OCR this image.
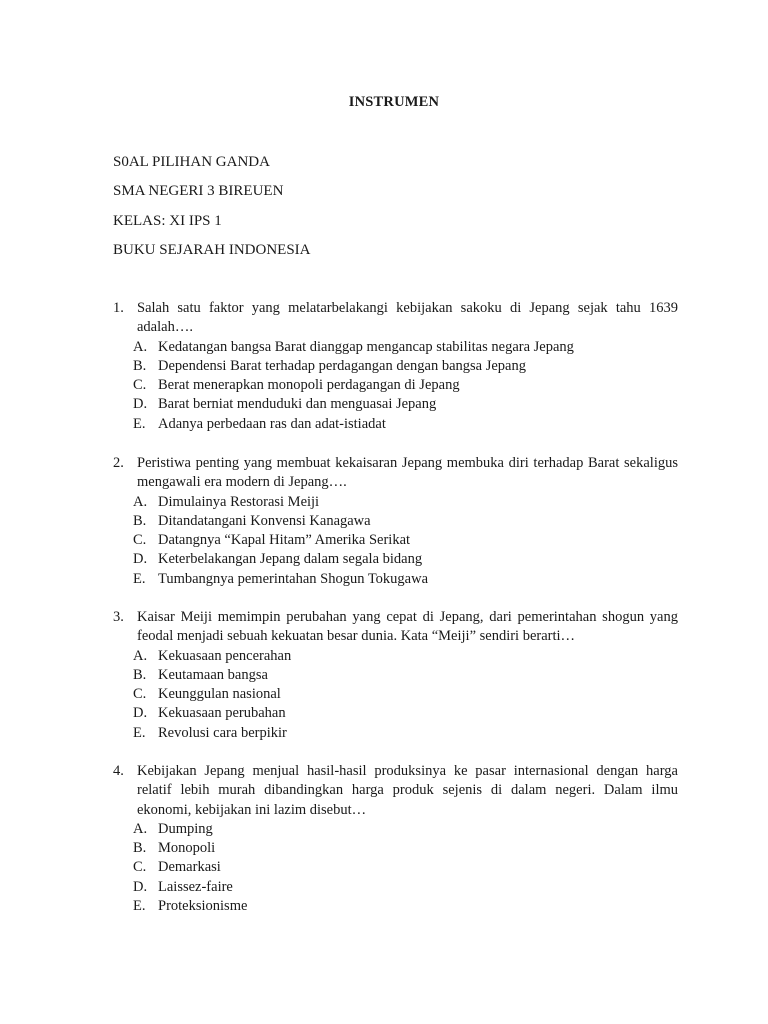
INSTRUMEN
S0AL PILIHAN GANDA
SMA NEGERI 3 BIREUEN
KELAS: XI IPS 1
BUKU SEJARAH INDONESIA
1. Salah satu faktor yang melatarbelakangi kebijakan sakoku di Jepang sejak tahu 1639 adalah….
A. Kedatangan bangsa Barat dianggap mengancap stabilitas negara Jepang
B. Dependensi Barat terhadap perdagangan dengan bangsa Jepang
C. Berat menerapkan monopoli perdagangan di Jepang
D. Barat berniat menduduki dan menguasai Jepang
E. Adanya perbedaan ras dan adat-istiadat
2. Peristiwa penting yang membuat kekaisaran Jepang membuka diri terhadap Barat sekaligus mengawali era modern di Jepang….
A. Dimulainya Restorasi Meiji
B. Ditandatangani Konvensi Kanagawa
C. Datangnya “Kapal Hitam” Amerika Serikat
D. Keterbelakangan Jepang dalam segala bidang
E. Tumbangnya pemerintahan Shogun Tokugawa
3. Kaisar Meiji memimpin perubahan yang cepat di Jepang, dari pemerintahan shogun yang feodal menjadi sebuah kekuatan besar dunia. Kata “Meiji” sendiri berarti…
A. Kekuasaan pencerahan
B. Keutamaan bangsa
C. Keunggulan nasional
D. Kekuasaan perubahan
E. Revolusi cara berpikir
4. Kebijakan Jepang menjual hasil-hasil produksinya ke pasar internasional dengan harga relatif lebih murah dibandingkan harga produk sejenis di dalam negeri. Dalam ilmu ekonomi, kebijakan ini lazim disebut…
A. Dumping
B. Monopoli
C. Demarkasi
D. Laissez-faire
E. Proteksionisme
